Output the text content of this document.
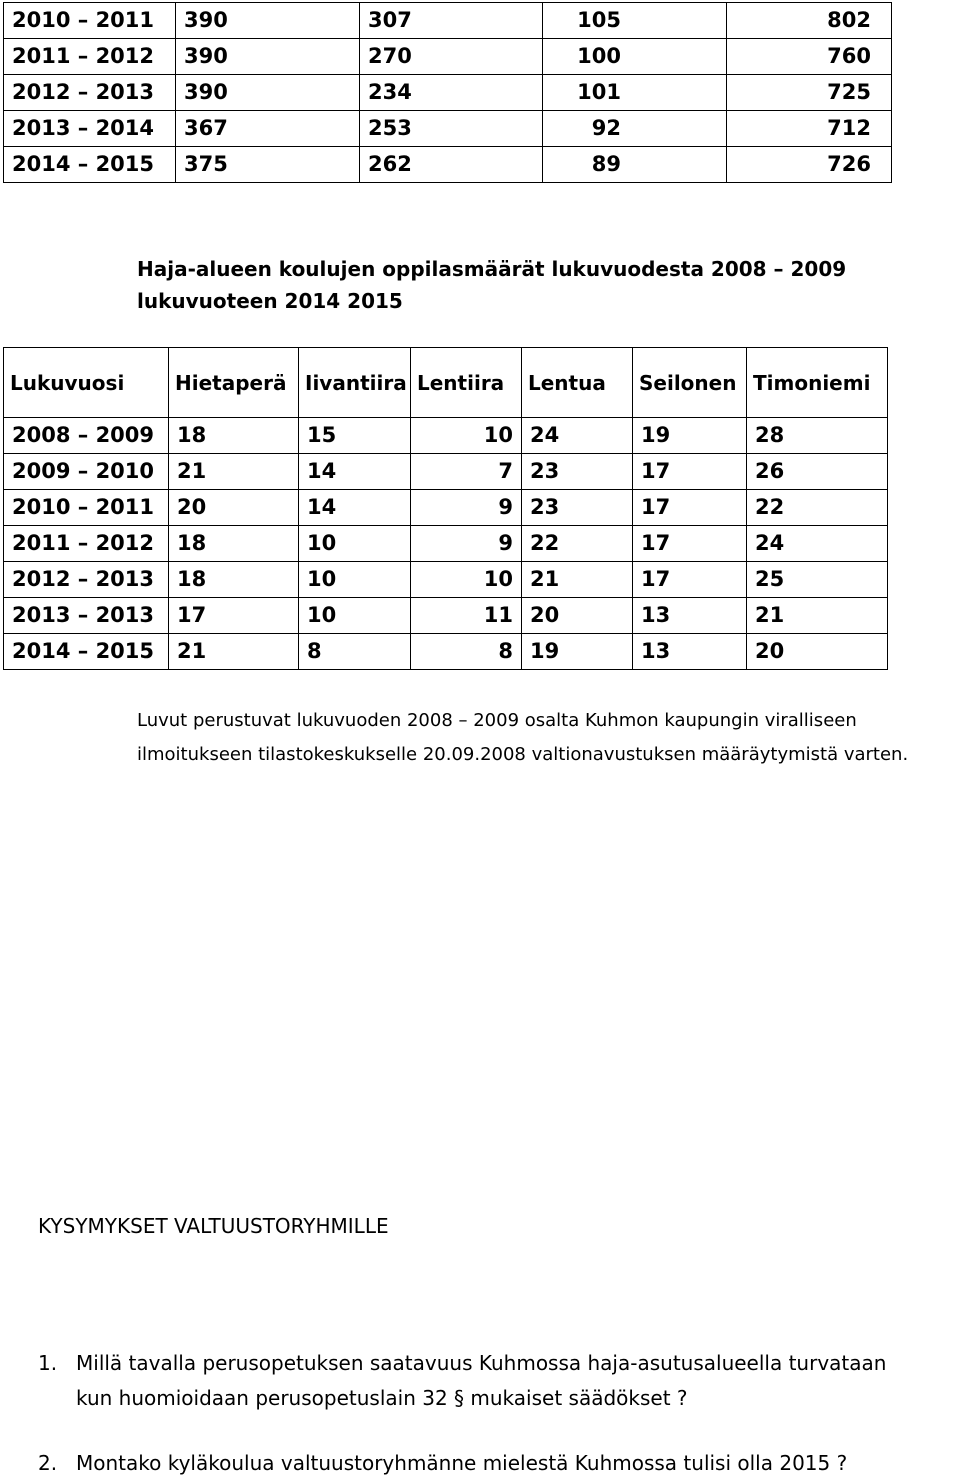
2010 – 2011	390	307	105	802
2011 – 2012	390	270	100	760
2012 – 2013	390	234	101	725
2013 – 2014	367	253	92	712
2014 – 2015	375	262	89	726
Haja-alueen koulujen oppilasmäärät lukuvuodesta 2008 – 2009 lukuvuoteen 2014 2015
Lukuvuosi	Hietaperä	Iivantiira	Lentiira	Lentua	Seilonen	Timoniemi
2008 – 2009	18	15	10	24	19	28
2009 – 2010	21	14	7	23	17	26
2010 – 2011	20	14	9	23	17	22
2011 – 2012	18	10	9	22	17	24
2012 – 2013	18	10	10	21	17	25
2013 – 2013	17	10	11	20	13	21
2014 – 2015	21	8	8	19	13	20
Luvut perustuvat lukuvuoden 2008 – 2009 osalta Kuhmon kaupungin viralliseen ilmoitukseen tilastokeskukselle 20.09.2008 valtionavustuksen määräytymistä varten.
KYSYMYKSET VALTUUSTORYHMILLE
1. Millä tavalla perusopetuksen saatavuus Kuhmossa haja-asutusalueella turvataan kun huomioidaan perusopetuslain 32 § mukaiset säädökset ?
2. Montako kyläkoulua valtuustoryhmänne mielestä Kuhmossa tulisi olla 2015 ?
